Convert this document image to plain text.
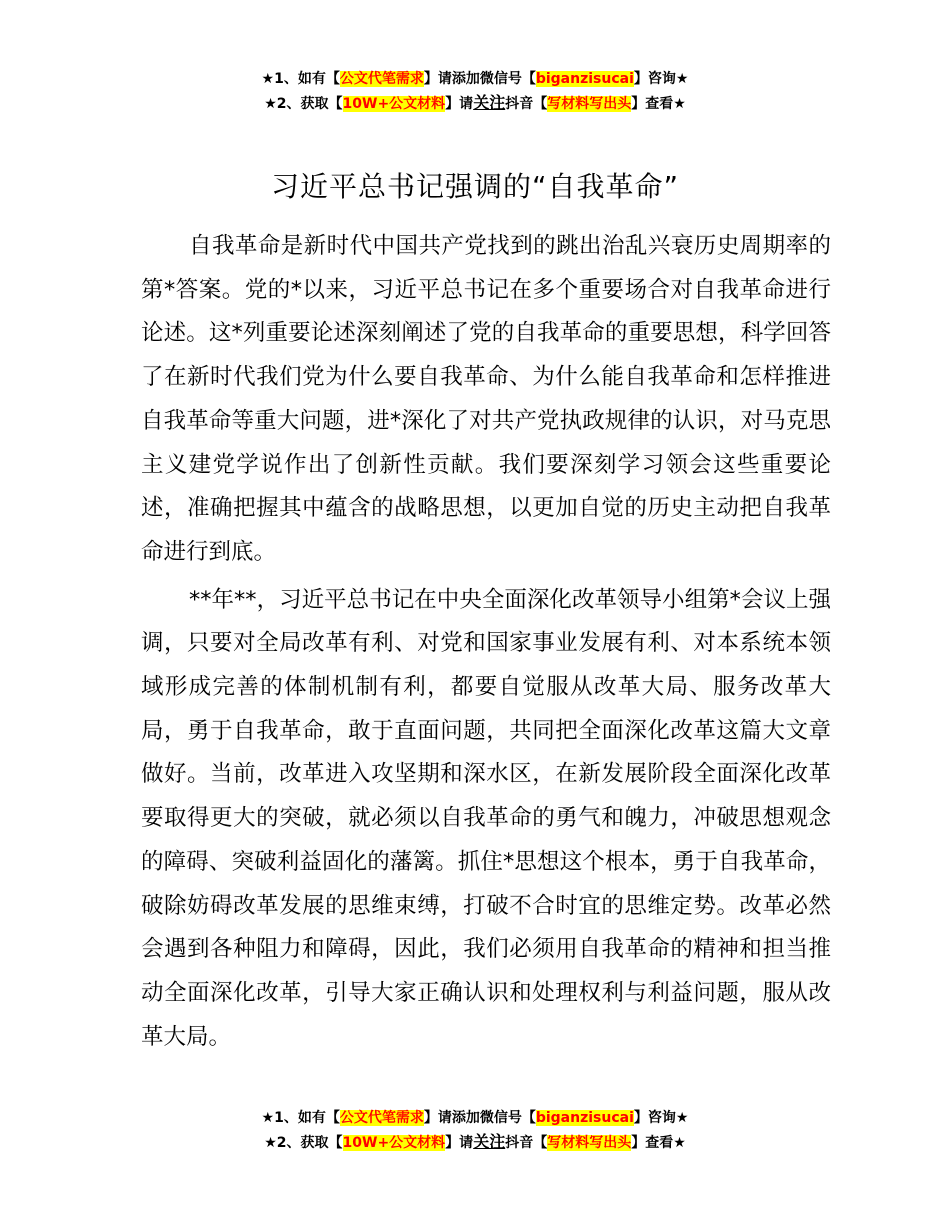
★1、如有【公文代笔需求】请添加微信号【biganzisucai】咨询★
★2、获取【10W+公文材料】请关注抖音【写材料写出头】查看★
习近平总书记强调的“自我革命”

自我革命是新时代中国共产党找到的跳出治乱兴衰历史周期率的第*答案。党的*以来，习近平总书记在多个重要场合对自我革命进行论述。这*列重要论述深刻阐述了党的自我革命的重要思想，科学回答了在新时代我们党为什么要自我革命、为什么能自我革命和怎样推进自我革命等重大问题，进*深化了对共产党执政规律的认识，对马克思主义建党学说作出了创新性贡献。我们要深刻学习领会这些重要论述，准确把握其中蕴含的战略思想，以更加自觉的历史主动把自我革命进行到底。

**年**，习近平总书记在中央全面深化改革领导小组第*会议上强调，只要对全局改革有利、对党和国家事业发展有利、对本系统本领域形成完善的体制机制有利，都要自觉服从改革大局、服务改革大局，勇于自我革命，敢于直面问题，共同把全面深化改革这篇大文章做好。当前，改革进入攻坚期和深水区，在新发展阶段全面深化改革要取得更大的突破，就必须以自我革命的勇气和魄力，冲破思想观念的障碍、突破利益固化的藩篱。抓住*思想这个根本，勇于自我革命，破除妨碍改革发展的思维束缚，打破不合时宜的思维定势。改革必然会遇到各种阻力和障碍，因此，我们必须用自我革命的精神和担当推动全面深化改革，引导大家正确认识和处理权利与利益问题，服从改革大局。

★1、如有【公文代笔需求】请添加微信号【biganzisucai】咨询★
★2、获取【10W+公文材料】请关注抖音【写材料写出头】查看★
